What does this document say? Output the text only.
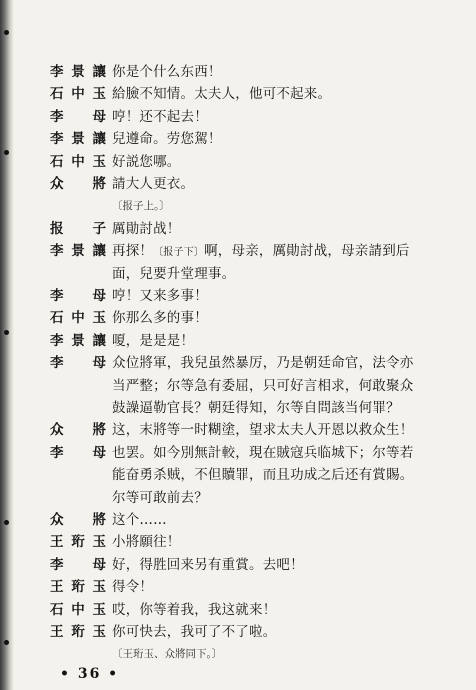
李景讓 你是个什么东西！
石中玉 給臉不知情。太夫人，他可不起来。
李　母 哼！还不起去！
李景讓 兒遵命。劳您駕！
石中玉 好説您哪。
众　將 請大人更衣。
〔报子上。〕
报　子 厲勛討战！
李景讓 再探！〔报子下〕啊，母亲，厲勛討战，母亲請到后
面，兒要升堂理事。
李　母 哼！又来多事！
石中玉 你那么多的事！
李景讓 嗄，是是是！
李　母 众位將軍，我兒虽然暴厉，乃是朝廷命官，法令亦
当严整；尔等急有委屈，只可好言相求，何敢聚众
鼓譟逼勒官長？朝廷得知，尔等自問該当何罪？
众　將 这，末將等一时糊塗，望求太夫人开恩以救众生！
李　母 也罢。如今別無計較，現在賊寇兵临城下；尔等若
能奋勇杀贼，不但贖罪，而且功成之后还有賞賜。
尔等可敢前去？
众　將 这个……
王珩玉 小將願往！
李　母 好，得胜回来另有重賞。去吧！
王珩玉 得令！
石中玉 哎，你等着我，我这就来！
王珩玉 你可快去，我可了不了啦。
〔王珩玉、众將同下。〕
• 36 •
